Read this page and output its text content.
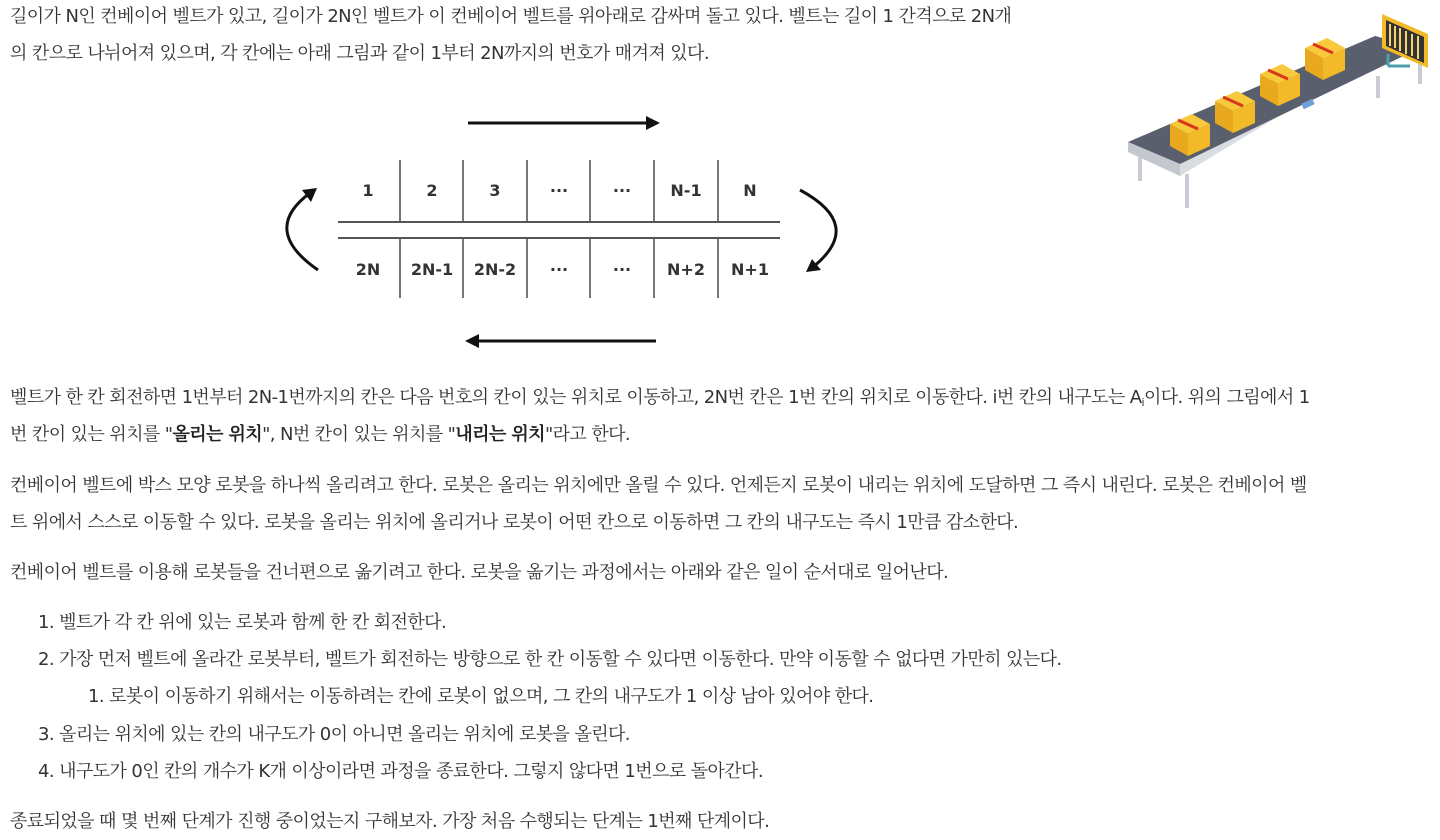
길이가 N인 컨베이어 벨트가 있고, 길이가 2N인 벨트가 이 컨베이어 벨트를 위아래로 감싸며 돌고 있다. 벨트는 길이 1 간격으로 2N개

의 칸으로 나뉘어져 있으며, 각 칸에는 아래 그림과 같이 1부터 2N까지의 번호가 매겨져 있다.

1	2	3	···	··· N-1	N
2N 2N-1 2N-2 ···	··· N+2 N+1

벨트가 한 칸 회전하면 1번부터 2N-1번까지의 칸은 다음 번호의 칸이 있는 위치로 이동하고, 2N번 칸은 1번 칸의 위치로 이동한다. i번 칸의 내구도는 $A_i$이다. 위의 그림에서 1

번 칸이 있는 위치를 "올리는 위치", N번 칸이 있는 위치를 "내리는 위치"라고 한다.

컨베이어 벨트에 박스 모양 로봇을 하나씩 올리려고 한다. 로봇은 올리는 위치에만 올릴 수 있다. 언제든지 로봇이 내리는 위치에 도달하면 그 즉시 내린다. 로봇은 컨베이어 벨

트 위에서 스스로 이동할 수 있다. 로봇을 올리는 위치에 올리거나 로봇이 어떤 칸으로 이동하면 그 칸의 내구도는 즉시 1만큼 감소한다.

컨베이어 벨트를 이용해 로봇들을 건너편으로 옮기려고 한다. 로봇을 옮기는 과정에서는 아래와 같은 일이 순서대로 일어난다.

1. 벨트가 각 칸 위에 있는 로봇과 함께 한 칸 회전한다.

2. 가장 먼저 벨트에 올라간 로봇부터, 벨트가 회전하는 방향으로 한 칸 이동할 수 있다면 이동한다. 만약 이동할 수 없다면 가만히 있는다.

1. 로봇이 이동하기 위해서는 이동하려는 칸에 로봇이 없으며, 그 칸의 내구도가 1 이상 남아 있어야 한다.

3. 올리는 위치에 있는 칸의 내구도가 0이 아니면 올리는 위치에 로봇을 올린다.

4. 내구도가 0인 칸의 개수가 K개 이상이라면 과정을 종료한다. 그렇지 않다면 1번으로 돌아간다.

종료되었을 때 몇 번째 단계가 진행 중이었는지 구해보자. 가장 처음 수행되는 단계는 1번째 단계이다.
